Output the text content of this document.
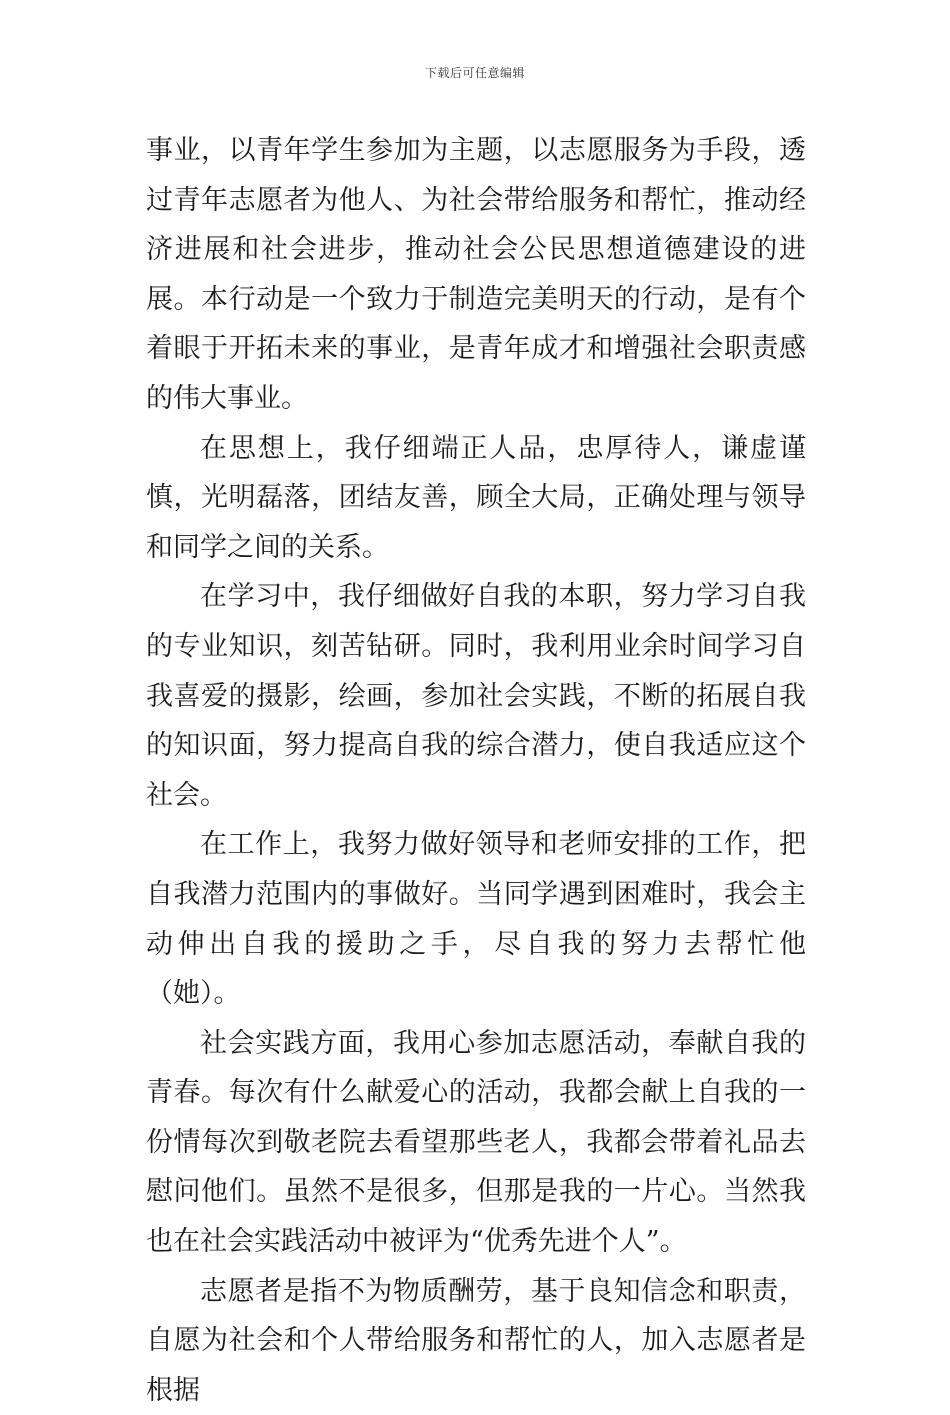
下载后可任意编辑

事业，以青年学生参加为主题，以志愿服务为手段，透过青年志愿者为他人、为社会带给服务和帮忙，推动经济进展和社会进步，推动社会公民思想道德建设的进展。本行动是一个致力于制造完美明天的行动，是有个着眼于开拓未来的事业，是青年成才和增强社会职责感的伟大事业。

在思想上，我仔细端正人品，忠厚待人，谦虚谨慎，光明磊落，团结友善，顾全大局，正确处理与领导和同学之间的关系。

在学习中，我仔细做好自我的本职，努力学习自我的专业知识，刻苦钻研。同时，我利用业余时间学习自我喜爱的摄影，绘画，参加社会实践，不断的拓展自我的知识面，努力提高自我的综合潜力，使自我适应这个社会。

在工作上，我努力做好领导和老师安排的工作，把自我潜力范围内的事做好。当同学遇到困难时，我会主动伸出自我的援助之手，尽自我的努力去帮忙他（她）。

社会实践方面，我用心参加志愿活动，奉献自我的青春。每次有什么献爱心的活动，我都会献上自我的一份情每次到敬老院去看望那些老人，我都会带着礼品去慰问他们。虽然不是很多，但那是我的一片心。当然我也在社会实践活动中被评为“优秀先进个人”。

志愿者是指不为物质酬劳，基于良知信念和职责，自愿为社会和个人带给服务和帮忙的人，加入志愿者是根据
